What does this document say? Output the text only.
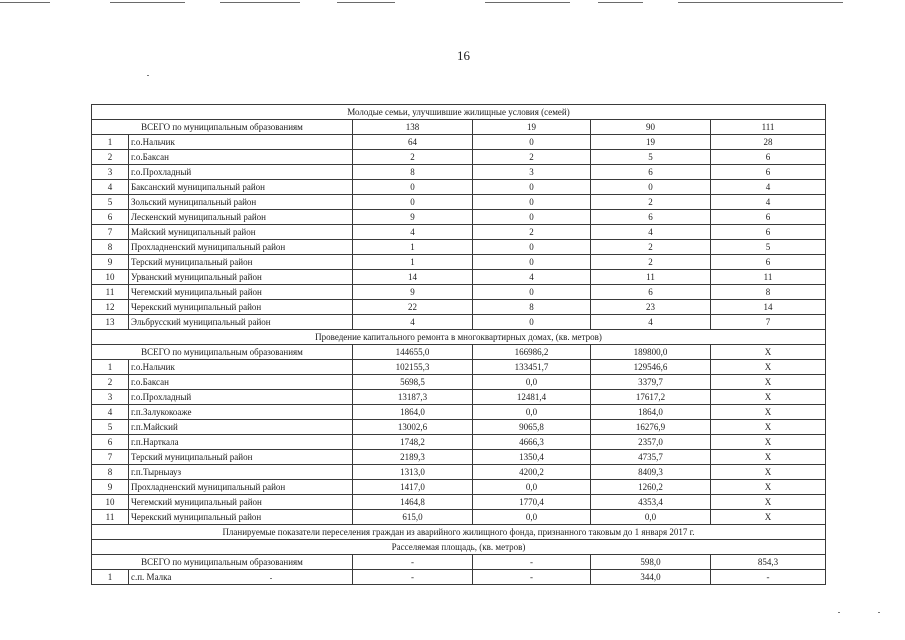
16
Молодые семьи, улучшившие жилищные условия (семей)					
ВСЕГО по муниципальным образованиям		138	19	90	111
1	г.о.Нальчик	64	0	19	28
2	г.о.Баксан	2	2	5	6
3	г.о.Прохладный	8	3	6	6
4	Баксанский муниципальный район	0	0	0	4
5	Зольский муниципальный район	0	0	2	4
6	Лескенский муниципальный район	9	0	6	6
7	Майский муниципальный район	4	2	4	6
8	Прохладненский муниципальный район	1	0	2	5
9	Терский муниципальный район	1	0	2	6
10	Урванский муниципальный район	14	4	11	11
11	Чегемский муниципальный район	9	0	6	8
12	Черекский муниципальный район	22	8	23	14
13	Эльбрусский муниципальный район	4	0	4	7
Проведение капитального ремонта в многоквартирных домах, (кв. метров)					
ВСЕГО по муниципальным образованиям		144655,0	166986,2	189800,0	X
1	г.о.Нальчик	102155,3	133451,7	129546,6	X
2	г.о.Баксан	5698,5	0,0	3379,7	X
3	г.о.Прохладный	13187,3	12481,4	17617,2	X
4	г.п.Залукокоаже	1864,0	0,0	1864,0	X
5	г.п.Майский	13002,6	9065,8	16276,9	X
6	г.п.Нарткала	1748,2	4666,3	2357,0	X
7	Терский муниципальный район	2189,3	1350,4	4735,7	X
8	г.п.Тырныауз	1313,0	4200,2	8409,3	X
9	Прохладненский муниципальный район	1417,0	0,0	1260,2	X
10	Чегемский муниципальный район	1464,8	1770,4	4353,4	X
11	Черекский муниципальный район	615,0	0,0	0,0	X
Планируемые показатели переселения граждан из аварийного жилищного фонда, признанного таковым до 1 января 2017 г.					
Расселяемая площадь, (кв. метров)					
ВСЕГО по муниципальным образованиям		-	-	598,0	854,3
1	с.п. Малка	-	-	344,0	-
